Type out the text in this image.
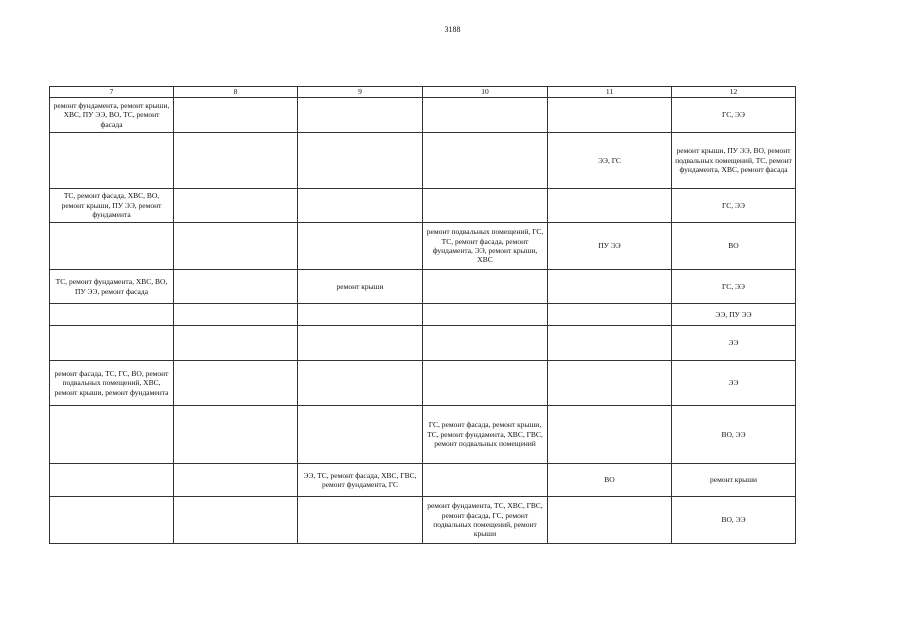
3188
7	8	9	10	11	12
ремонт фундамента, ремонт крыши, ХВС, ПУ ЭЭ, ВО, ТС, ремонт фасада					ГС, ЭЭ
				ЭЭ, ГС	ремонт крыши, ПУ ЭЭ, ВО, ремонт подвальных помещений, ТС, ремонт фундамента, ХВС, ремонт фасада
ТС, ремонт фасада, ХВС, ВО, ремонт крыши, ПУ ЭЭ, ремонт фундамента					ГС, ЭЭ
			ремонт подвальных помещений, ГС, ТС, ремонт фасада, ремонт фундамента, ЭЭ, ремонт крыши, ХВС	ПУ ЭЭ	ВО
ТС, ремонт фундамента, ХВС, ВО, ПУ ЭЭ, ремонт фасада		ремонт крыши			ГС, ЭЭ
					ЭЭ, ПУ ЭЭ
					ЭЭ
ремонт фасада, ТС, ГС, ВО, ремонт подвальных помещений, ХВС, ремонт крыши, ремонт фундамента					ЭЭ
			ГС, ремонт фасада, ремонт крыши, ТС, ремонт фундамента, ХВС, ГВС, ремонт подвальных помещений		ВО, ЭЭ
		ЭЭ, ТС, ремонт фасада, ХВС, ГВС, ремонт фундамента, ГС		ВО	ремонт крыши
			ремонт фундамента, ТС, ХВС, ГВС, ремонт фасада, ГС, ремонт подвальных помещений, ремонт крыши		ВО, ЭЭ
